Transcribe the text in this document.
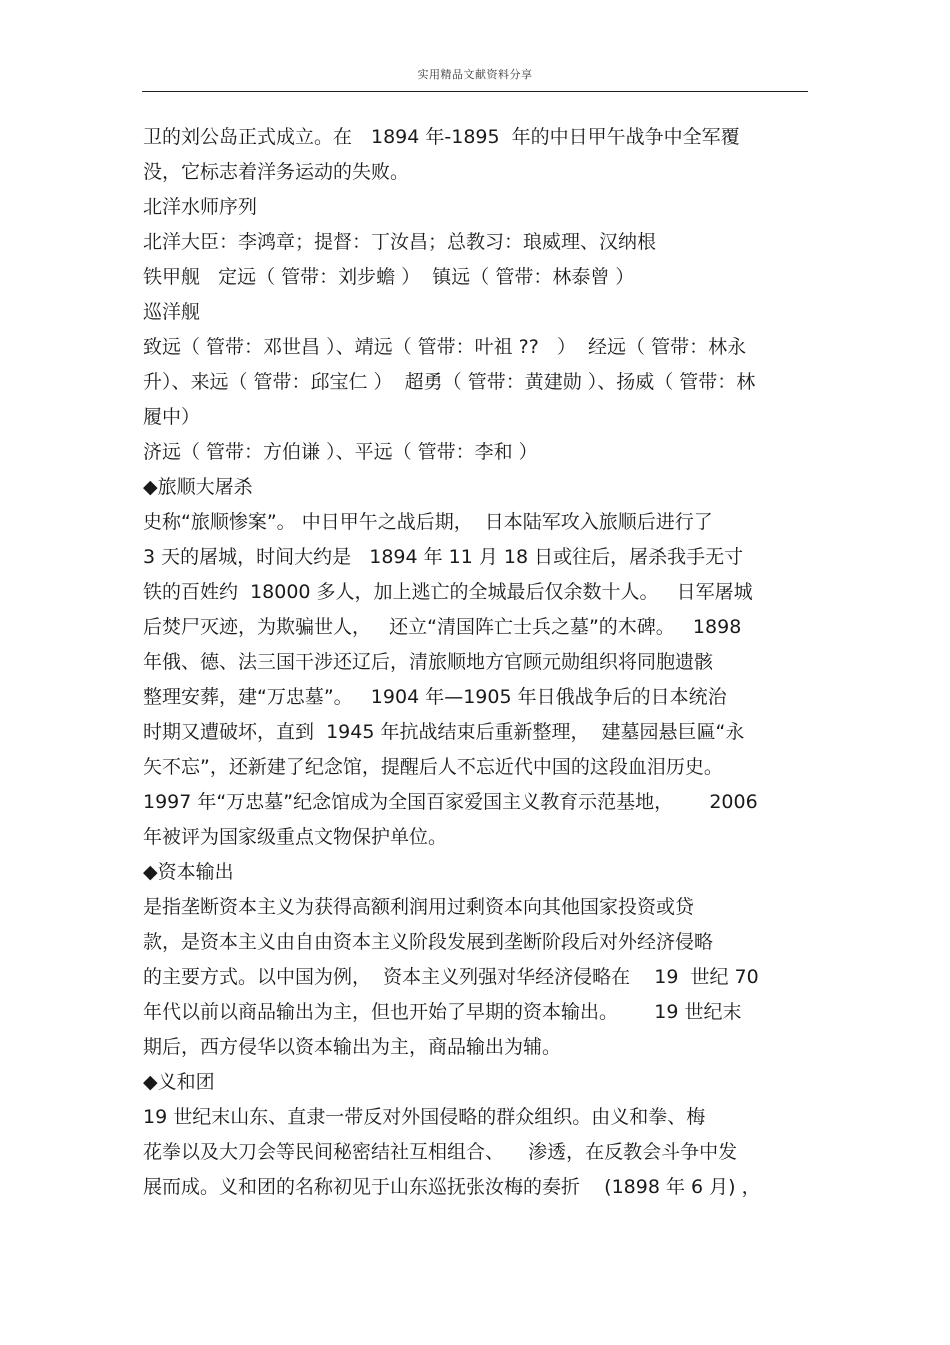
实用精品文献资料分享
卫的刘公岛正式成立。在　1894 年-1895  年的中日甲午战争中全军覆
没，它标志着洋务运动的失败。
北洋水师序列
北洋大臣：李鸿章；提督：丁汝昌；总教习：琅威理、汉纳根
铁甲舰   定远（ 管带：刘步蟾 ）  镇远（ 管带：林泰曾 ）
巡洋舰
致远（ 管带：邓世昌 ）、靖远（ 管带：叶祖 ??   ）  经远（ 管带：林永
升）、来远（ 管带：邱宝仁 ）  超勇（ 管带：黄建勋 ）、扬威（ 管带：林
履中）
济远（ 管带：方伯谦 ）、平远（ 管带：李和 ）
◆旅顺大屠杀
史称“旅顺惨案”。 中日甲午之战后期，  日本陆军攻入旅顺后进行了
3 天的屠城，时间大约是   1894 年 11 月 18 日或往后，屠杀我手无寸
铁的百姓约  18000 多人，加上逃亡的全城最后仅余数十人。   日军屠城
后焚尸灭迹，为欺骗世人，   还立“清国阵亡士兵之墓”的木碑。   1898
年俄、德、法三国干涉还辽后，清旅顺地方官顾元勋组织将同胞遗骸
整理安葬，建“万忠墓”。   1904 年—1905 年日俄战争后的日本统治
时期又遭破坏，直到  1945 年抗战结束后重新整理，  建墓园悬巨匾“永
矢不忘”，还新建了纪念馆，提醒后人不忘近代中国的这段血泪历史。
1997 年“万忠墓”纪念馆成为全国百家爱国主义教育示范基地，      2006
年被评为国家级重点文物保护单位。
◆资本输出
是指垄断资本主义为获得高额利润用过剩资本向其他国家投资或贷
款，是资本主义由自由资本主义阶段发展到垄断阶段后对外经济侵略
的主要方式。以中国为例，  资本主义列强对华经济侵略在    19  世纪 70
年代以前以商品输出为主，但也开始了早期的资本输出。      19 世纪末
期后，西方侵华以资本输出为主，商品输出为辅。
◆义和团
19 世纪末山东、直隶一带反对外国侵略的群众组织。由义和拳、梅
花拳以及大刀会等民间秘密结社互相组合、    渗透，在反教会斗争中发
展而成。义和团的名称初见于山东巡抚张汝梅的奏折    (1898 年 6 月) ，
